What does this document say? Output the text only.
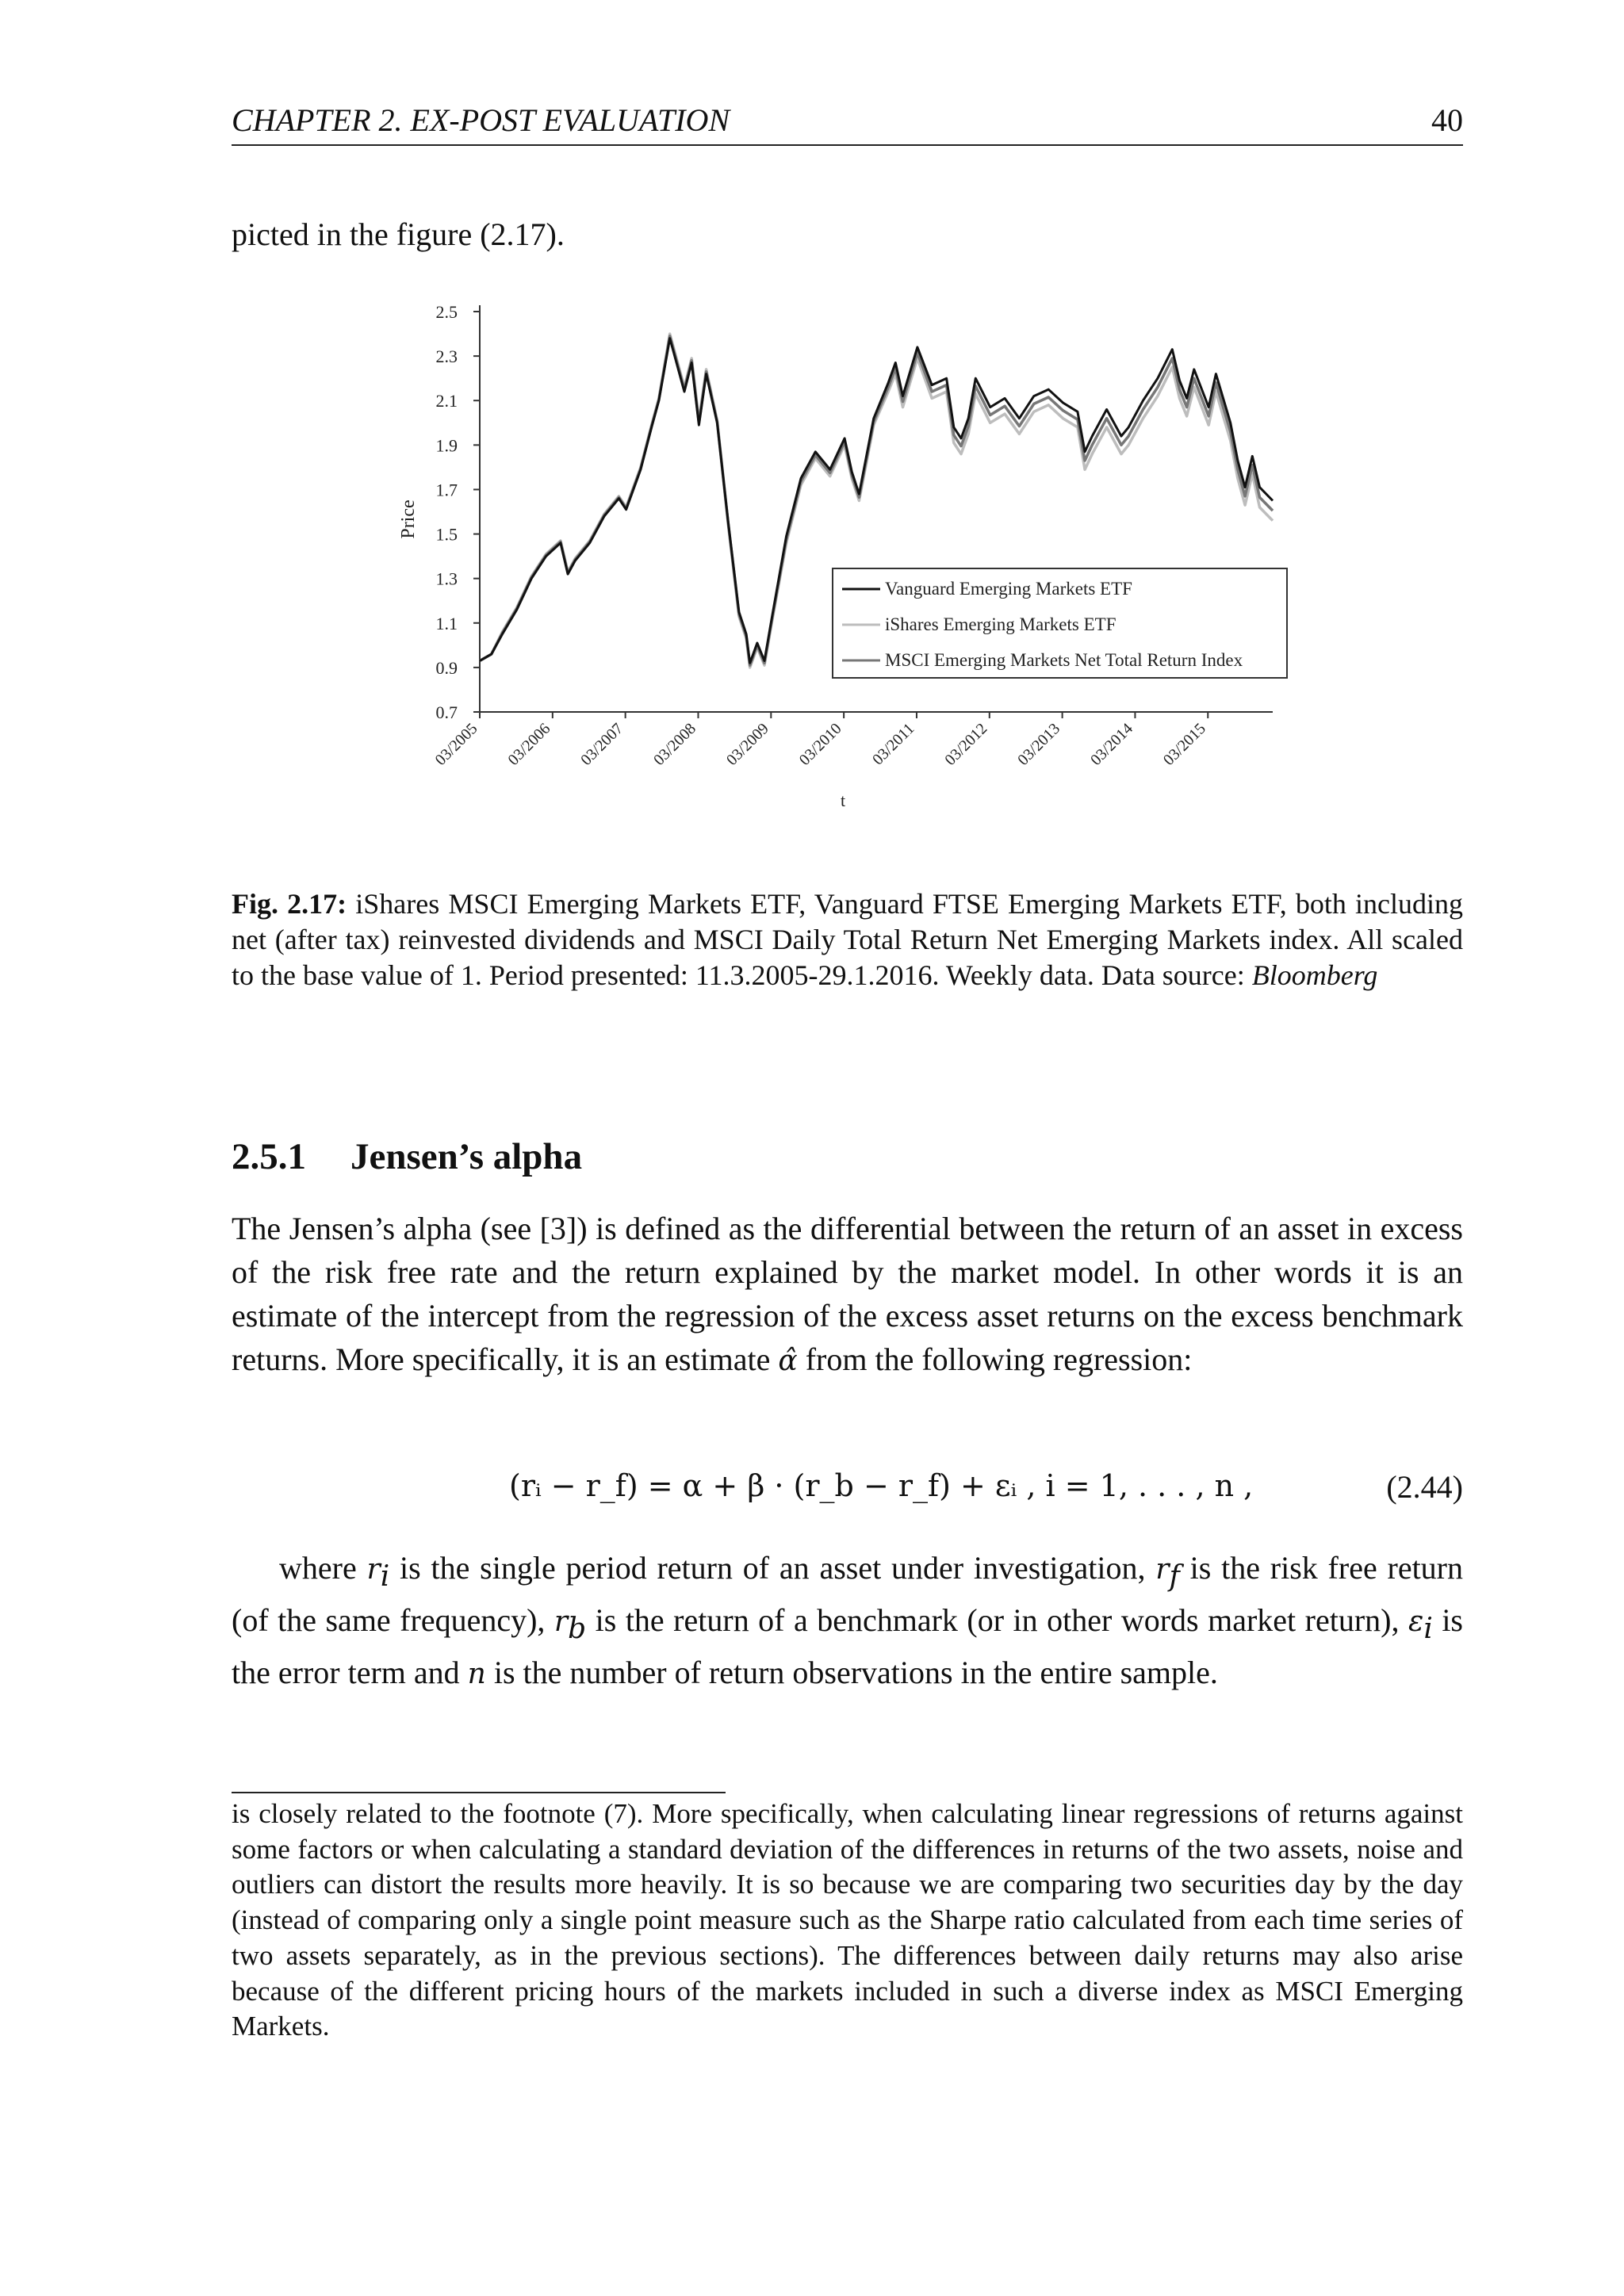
CHAPTER 2. EX-POST EVALUATION	40
picted in the figure (2.17).
Price
2.5
2.3
2.1
1.9
1.7
1.5
1.3
1.1
0.9
0.7
03/2005 03/2006 03/2007 03/2008 03/2009 03/2010 03/2011 03/2012 03/2013 03/2014 03/2015
t
Vanguard Emerging Markets ETF
iShares Emerging Markets ETF
MSCI Emerging Markets Net Total Return Index
Fig. 2.17: iShares MSCI Emerging Markets ETF, Vanguard FTSE Emerging Markets ETF, both including net (after tax) reinvested dividends and MSCI Daily Total Return Net Emerging Markets index. All scaled to the base value of 1. Period presented: 11.3.2005-29.1.2016. Weekly data. Data source: Bloomberg
2.5.1 Jensen’s alpha
The Jensen’s alpha (see [3]) is defined as the differential between the return of an asset in excess of the risk free rate and the return explained by the market model. In other words it is an estimate of the intercept from the regression of the excess asset returns on the excess benchmark returns. More specifically, it is an estimate α̂ from the following regression:
(rᵢ − r_f) = α + β · (r_b − r_f) + εᵢ , i = 1, . . . , n ,	(2.44)
where $r_i$ is the single period return of an asset under investigation, $r_f$ is the risk free return (of the same frequency), $r_b$ is the return of a benchmark (or in other words market return), $\varepsilon_i$ is the error term and n is the number of return observations in the entire sample.
is closely related to the footnote (7). More specifically, when calculating linear regressions of returns against some factors or when calculating a standard deviation of the differences in returns of the two assets, noise and outliers can distort the results more heavily. It is so because we are comparing two securities day by the day (instead of comparing only a single point measure such as the Sharpe ratio calculated from each time series of two assets separately, as in the previous sections). The differences between daily returns may also arise because of the different pricing hours of the markets included in such a diverse index as MSCI Emerging Markets.
